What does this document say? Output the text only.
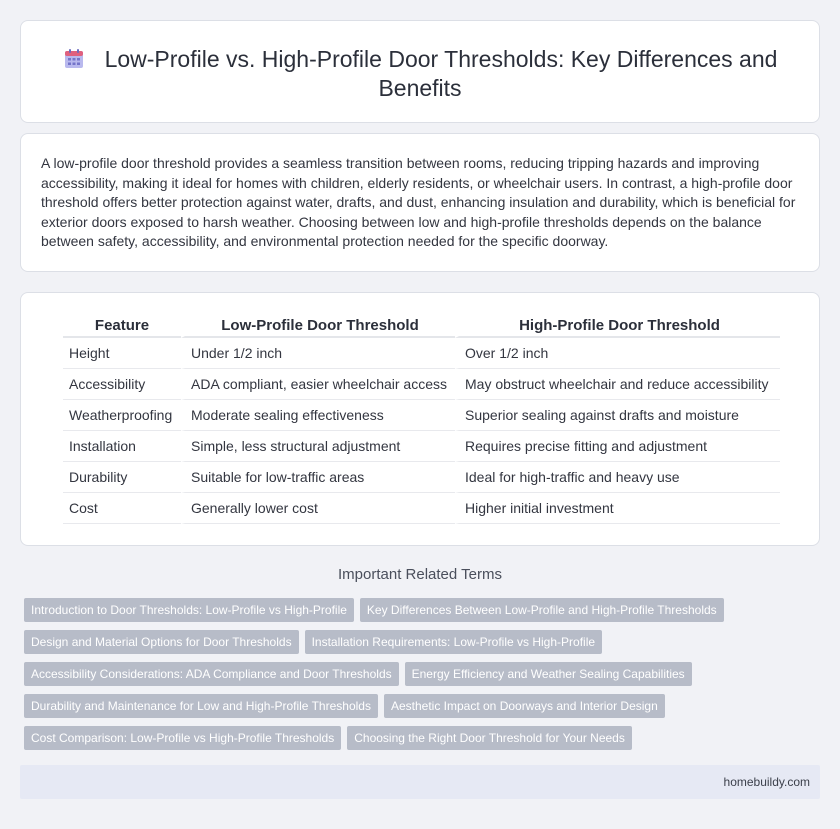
Low-Profile vs. High-Profile Door Thresholds: Key Differences and Benefits

A low-profile door threshold provides a seamless transition between rooms, reducing tripping hazards and improving accessibility, making it ideal for homes with children, elderly residents, or wheelchair users. In contrast, a high-profile door threshold offers better protection against water, drafts, and dust, enhancing insulation and durability, which is beneficial for exterior doors exposed to harsh weather. Choosing between low and high-profile thresholds depends on the balance between safety, accessibility, and environmental protection needed for the specific doorway.

Feature	Low-Profile Door Threshold	High-Profile Door Threshold
Height	Under 1/2 inch	Over 1/2 inch
Accessibility	ADA compliant, easier wheelchair access	May obstruct wheelchair and reduce accessibility
Weatherproofing	Moderate sealing effectiveness	Superior sealing against drafts and moisture
Installation	Simple, less structural adjustment	Requires precise fitting and adjustment
Durability	Suitable for low-traffic areas	Ideal for high-traffic and heavy use
Cost	Generally lower cost	Higher initial investment
Important Related Terms
Introduction to Door Thresholds: Low-Profile vs High-Profile Key Differences Between Low-Profile and High-Profile Thresholds
Design and Material Options for Door Thresholds Installation Requirements: Low-Profile vs High-Profile
Accessibility Considerations: ADA Compliance and Door Thresholds Energy Efficiency and Weather Sealing Capabilities
Durability and Maintenance for Low and High-Profile Thresholds Aesthetic Impact on Doorways and Interior Design
Cost Comparison: Low-Profile vs High-Profile Thresholds Choosing the Right Door Threshold for Your Needs
homebuildy.com
